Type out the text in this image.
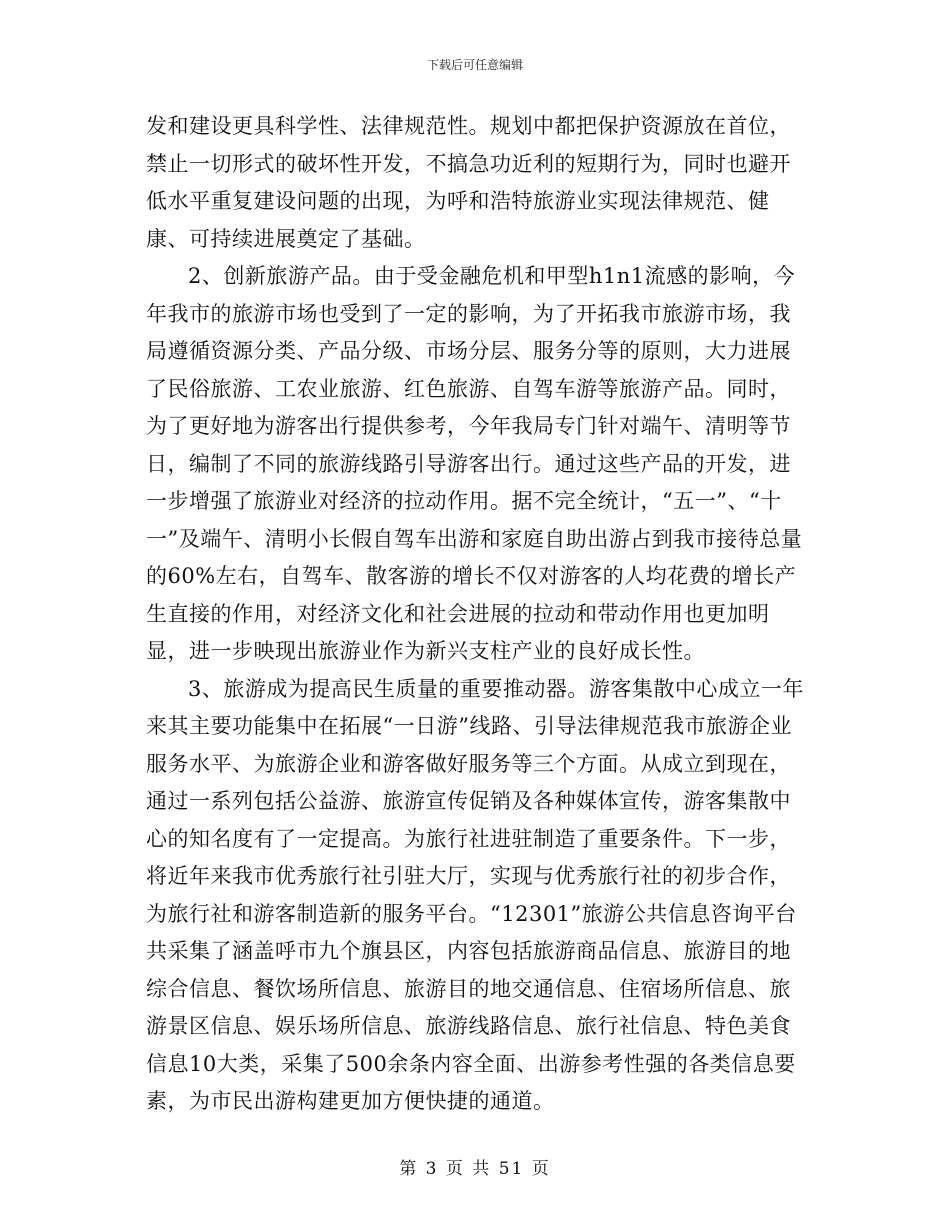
下载后可任意编辑

发和建设更具科学性、法律规范性。规划中都把保护资源放在首位，禁止一切形式的破坏性开发，不搞急功近利的短期行为，同时也避开低水平重复建设问题的出现，为呼和浩特旅游业实现法律规范、健康、可持续进展奠定了基础。

2、创新旅游产品。由于受金融危机和甲型h1n1流感的影响，今年我市的旅游市场也受到了一定的影响，为了开拓我市旅游市场，我局遵循资源分类、产品分级、市场分层、服务分等的原则，大力进展了民俗旅游、工农业旅游、红色旅游、自驾车游等旅游产品。同时，为了更好地为游客出行提供参考，今年我局专门针对端午、清明等节日，编制了不同的旅游线路引导游客出行。通过这些产品的开发，进一步增强了旅游业对经济的拉动作用。据不完全统计，“五一”、“十一”及端午、清明小长假自驾车出游和家庭自助出游占到我市接待总量的60%左右，自驾车、散客游的增长不仅对游客的人均花费的增长产生直接的作用，对经济文化和社会进展的拉动和带动作用也更加明显，进一步映现出旅游业作为新兴支柱产业的良好成长性。

3、旅游成为提高民生质量的重要推动器。游客集散中心成立一年来其主要功能集中在拓展“一日游”线路、引导法律规范我市旅游企业服务水平、为旅游企业和游客做好服务等三个方面。从成立到现在，通过一系列包括公益游、旅游宣传促销及各种媒体宣传，游客集散中心的知名度有了一定提高。为旅行社进驻制造了重要条件。下一步，将近年来我市优秀旅行社引驻大厅，实现与优秀旅行社的初步合作，为旅行社和游客制造新的服务平台。“12301”旅游公共信息咨询平台共采集了涵盖呼市九个旗县区，内容包括旅游商品信息、旅游目的地综合信息、餐饮场所信息、旅游目的地交通信息、住宿场所信息、旅游景区信息、娱乐场所信息、旅游线路信息、旅行社信息、特色美食信息10大类，采集了500余条内容全面、出游参考性强的各类信息要素，为市民出游构建更加方便快捷的通道。

第 3 页 共 51 页
